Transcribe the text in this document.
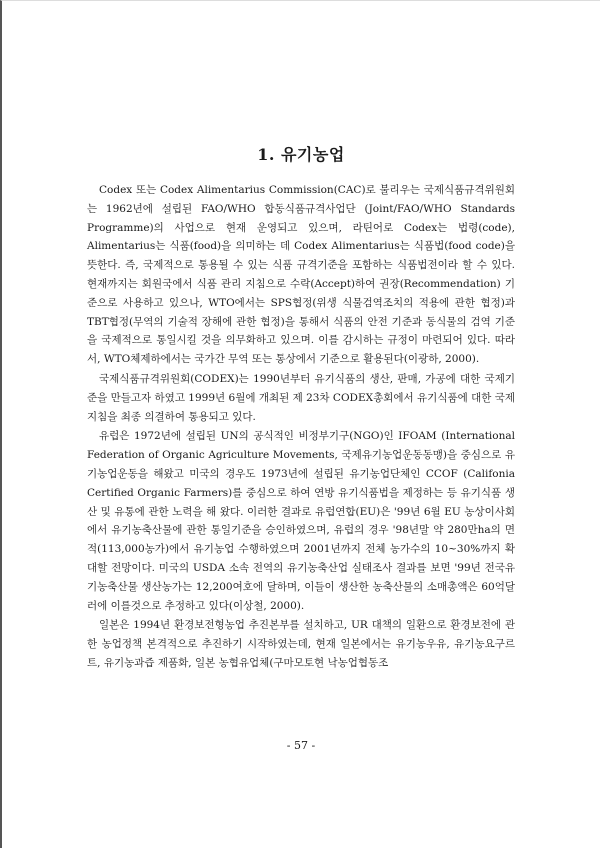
1. 유기농업

Codex 또는 Codex Alimentarius Commission(CAC)로 불리우는 국제식품규격위원회는 1962년에 설립된 FAO/WHO 합동식품규격사업단 (Joint/FAO/WHO Standards Programme)의 사업으로 현재 운영되고 있으며, 라틴어로 Codex는 법령(code), Alimentarius는 식품(food)을 의미하는 데 Codex Alimentarius는 식품법(food code)을 뜻한다. 즉, 국제적으로 통용될 수 있는 식품 규격기준을 포함하는 식품법전이라 할 수 있다. 현재까지는 회원국에서 식품 관리 지침으로 수락(Accept)하여 권장(Recommendation) 기준으로 사용하고 있으나, WTO에서는 SPS협정(위생 식물검역조치의 적용에 관한 협정)과 TBT협정(무역의 기술적 장해에 관한 협정)을 통해서 식품의 안전 기준과 동식물의 검역 기준을 국제적으로 통일시킬 것을 의무화하고 있으며. 이를 감시하는 규정이 마련되어 있다. 따라서, WTO체제하에서는 국가간 무역 또는 통상에서 기준으로 활용된다(이광하, 2000).

국제식품규격위원회(CODEX)는 1990년부터 유기식품의 생산, 판매, 가공에 대한 국제기준을 만들고자 하였고 1999년 6월에 개최된 제 23차 CODEX총회에서 유기식품에 대한 국제지침을 최종 의결하여 통용되고 있다.

유럽은 1972년에 설립된 UN의 공식적인 비정부기구(NGO)인 IFOAM (International Federation of Organic Agriculture Movements, 국제유기농업운동동맹)을 중심으로 유기농업운동을 해왔고 미국의 경우도 1973년에 설립된 유기농업단체인 CCOF (Califonia Certified Organic Farmers)를 중심으로 하여 연방 유기식품법을 제정하는 등 유기식품 생산 및 유통에 관한 노력을 해 왔다. 이러한 결과로 유럽연합(EU)은 '99년 6월 EU 농상이사회에서 유기농축산물에 관한 통일기준을 승인하였으며, 유럽의 경우 '98년말 약 280만ha의 면적(113,000농가)에서 유기농업 수행하였으며 2001년까지 전체 농가수의 10~30%까지 확대할 전망이다. 미국의 USDA 소속 전역의 유기농축산업 실태조사 결과를 보면 '99년 전국유기농축산물 생산농가는 12,200여호에 달하며, 이들이 생산한 농축산물의 소매총액은 60억달러에 이를것으로 추정하고 있다(이상철, 2000).

일본은 1994년 환경보전형농업 추진본부를 설치하고, UR 대책의 일환으로 환경보전에 관한 농업정책 본격적으로 추진하기 시작하였는데, 현재 일본에서는 유기농우유, 유기농요구르트, 유기농과즙 제품화, 일본 농협유업체(구마모토현 낙농업협동조

- 57 -
